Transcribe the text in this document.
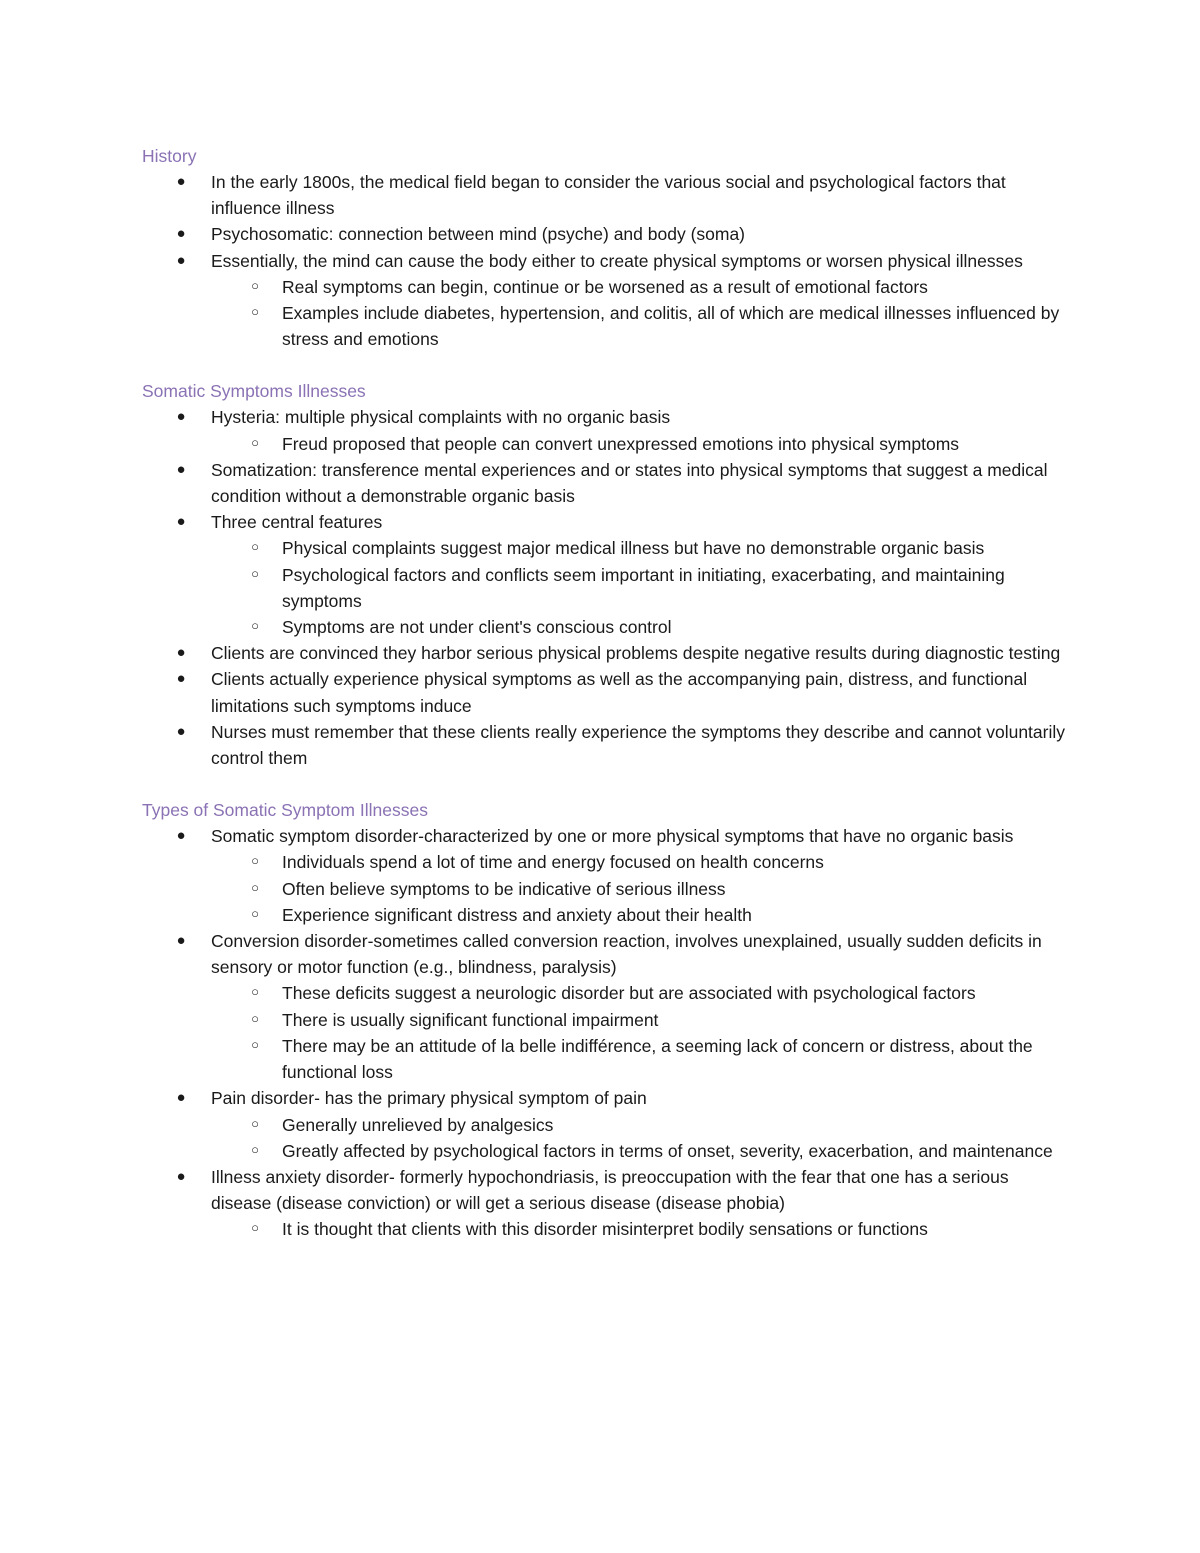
History
● In the early 1800s, the medical field began to consider the various social and psychological factors that influence illness
● Psychosomatic: connection between mind (psyche) and body (soma)
● Essentially, the mind can cause the body either to create physical symptoms or worsen physical illnesses
○ Real symptoms can begin, continue or be worsened as a result of emotional factors
○ Examples include diabetes, hypertension, and colitis, all of which are medical illnesses influenced by stress and emotions
Somatic Symptoms Illnesses
● Hysteria: multiple physical complaints with no organic basis
○ Freud proposed that people can convert unexpressed emotions into physical symptoms
● Somatization: transference mental experiences and or states into physical symptoms that suggest a medical condition without a demonstrable organic basis
● Three central features
○ Physical complaints suggest major medical illness but have no demonstrable organic basis
○ Psychological factors and conflicts seem important in initiating, exacerbating, and maintaining symptoms
○ Symptoms are not under client's conscious control
● Clients are convinced they harbor serious physical problems despite negative results during diagnostic testing
● Clients actually experience physical symptoms as well as the accompanying pain, distress, and functional limitations such symptoms induce
● Nurses must remember that these clients really experience the symptoms they describe and cannot voluntarily control them
Types of Somatic Symptom Illnesses
● Somatic symptom disorder-characterized by one or more physical symptoms that have no organic basis
○ Individuals spend a lot of time and energy focused on health concerns
○ Often believe symptoms to be indicative of serious illness
○ Experience significant distress and anxiety about their health
● Conversion disorder-sometimes called conversion reaction, involves unexplained, usually sudden deficits in sensory or motor function (e.g., blindness, paralysis)
○ These deficits suggest a neurologic disorder but are associated with psychological factors
○ There is usually significant functional impairment
○ There may be an attitude of la belle indifférence, a seeming lack of concern or distress, about the functional loss
● Pain disorder- has the primary physical symptom of pain
○ Generally unrelieved by analgesics
○ Greatly affected by psychological factors in terms of onset, severity, exacerbation, and maintenance
● Illness anxiety disorder- formerly hypochondriasis, is preoccupation with the fear that one has a serious disease (disease conviction) or will get a serious disease (disease phobia)
○ It is thought that clients with this disorder misinterpret bodily sensations or functions
